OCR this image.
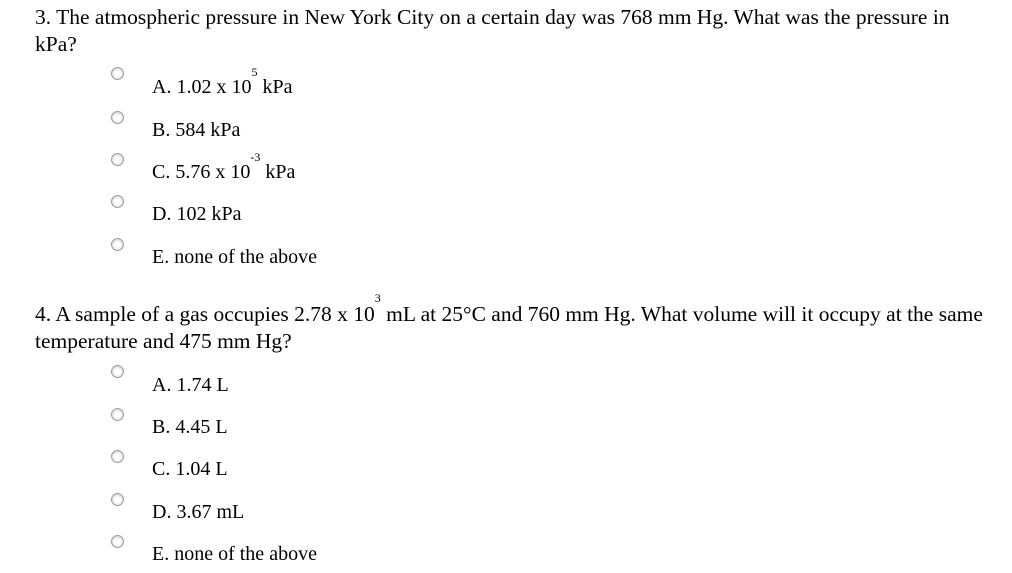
3. The atmospheric pressure in New York City on a certain day was 768 mm Hg. What was the pressure in kPa?

A. 1.02 x $10^5$ kPa
B. 584 kPa
C. 5.76 x $10^{-3}$ kPa
D. 102 kPa
E. none of the above

4. A sample of a gas occupies 2.78 x $10^3$ mL at 25°C and 760 mm Hg. What volume will it occupy at the same temperature and 475 mm Hg?

A. 1.74 L
B. 4.45 L
C. 1.04 L
D. 3.67 mL
E. none of the above
